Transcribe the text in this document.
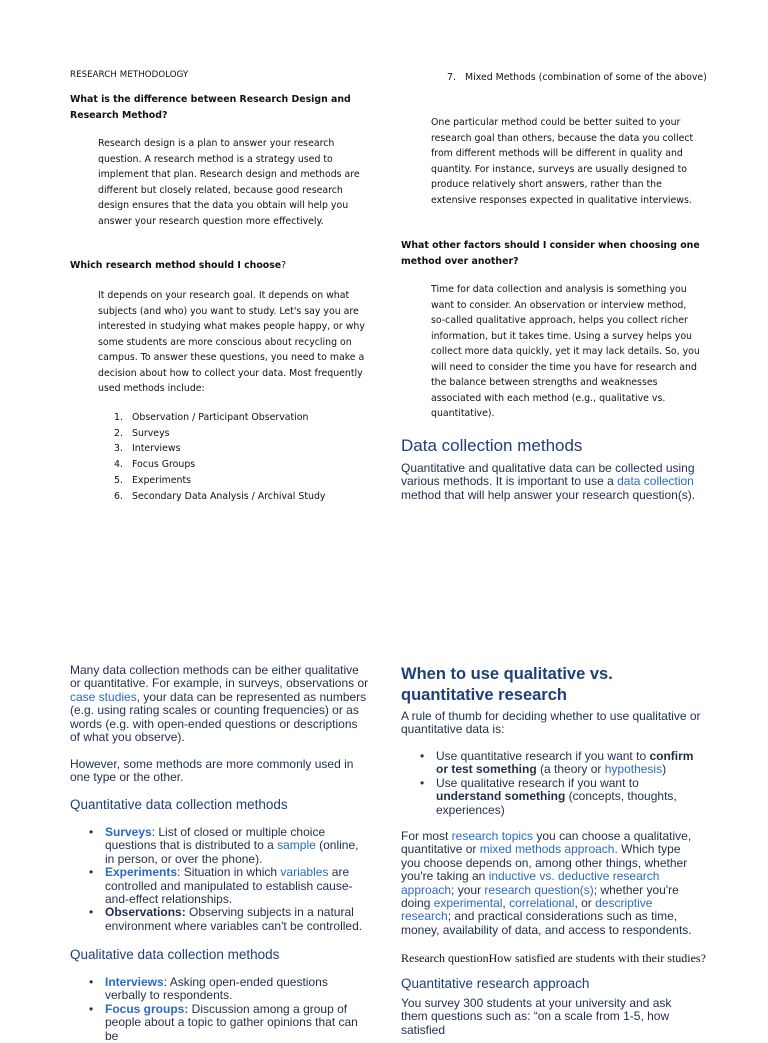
RESEARCH METHODOLOGY
What is the difference between Research Design and Research Method?
Research design is a plan to answer your research question. A research method is a strategy used to implement that plan. Research design and methods are different but closely related, because good research design ensures that the data you obtain will help you answer your research question more effectively.
Which research method should I choose?
It depends on your research goal. It depends on what subjects (and who) you want to study. Let's say you are interested in studying what makes people happy, or why some students are more conscious about recycling on campus. To answer these questions, you need to make a decision about how to collect your data. Most frequently used methods include:
1. Observation / Participant Observation
2. Surveys
3. Interviews
4. Focus Groups
5. Experiments
6. Secondary Data Analysis / Archival Study
7. Mixed Methods (combination of some of the above)
One particular method could be better suited to your research goal than others, because the data you collect from different methods will be different in quality and quantity. For instance, surveys are usually designed to produce relatively short answers, rather than the extensive responses expected in qualitative interviews.
What other factors should I consider when choosing one method over another?
Time for data collection and analysis is something you want to consider. An observation or interview method, so-called qualitative approach, helps you collect richer information, but it takes time. Using a survey helps you collect more data quickly, yet it may lack details. So, you will need to consider the time you have for research and the balance between strengths and weaknesses associated with each method (e.g., qualitative vs. quantitative).
Data collection methods
Quantitative and qualitative data can be collected using various methods. It is important to use a data collection method that will help answer your research question(s).
Many data collection methods can be either qualitative or quantitative. For example, in surveys, observations or case studies, your data can be represented as numbers (e.g. using rating scales or counting frequencies) or as words (e.g. with open-ended questions or descriptions of what you observe).
However, some methods are more commonly used in one type or the other.
Quantitative data collection methods
• Surveys: List of closed or multiple choice questions that is distributed to a sample (online, in person, or over the phone).
• Experiments: Situation in which variables are controlled and manipulated to establish cause-and-effect relationships.
• Observations: Observing subjects in a natural environment where variables can't be controlled.
Qualitative data collection methods
• Interviews: Asking open-ended questions verbally to respondents.
• Focus groups: Discussion among a group of people about a topic to gather opinions that can be
When to use qualitative vs. quantitative research
A rule of thumb for deciding whether to use qualitative or quantitative data is:
• Use quantitative research if you want to confirm or test something (a theory or hypothesis)
• Use qualitative research if you want to understand something (concepts, thoughts, experiences)
For most research topics you can choose a qualitative, quantitative or mixed methods approach. Which type you choose depends on, among other things, whether you're taking an inductive vs. deductive research approach; your research question(s); whether you're doing experimental, correlational, or descriptive research; and practical considerations such as time, money, availability of data, and access to respondents.
Research questionHow satisfied are students with their studies?
Quantitative research approach
You survey 300 students at your university and ask them questions such as: “on a scale from 1-5, how satisfied
